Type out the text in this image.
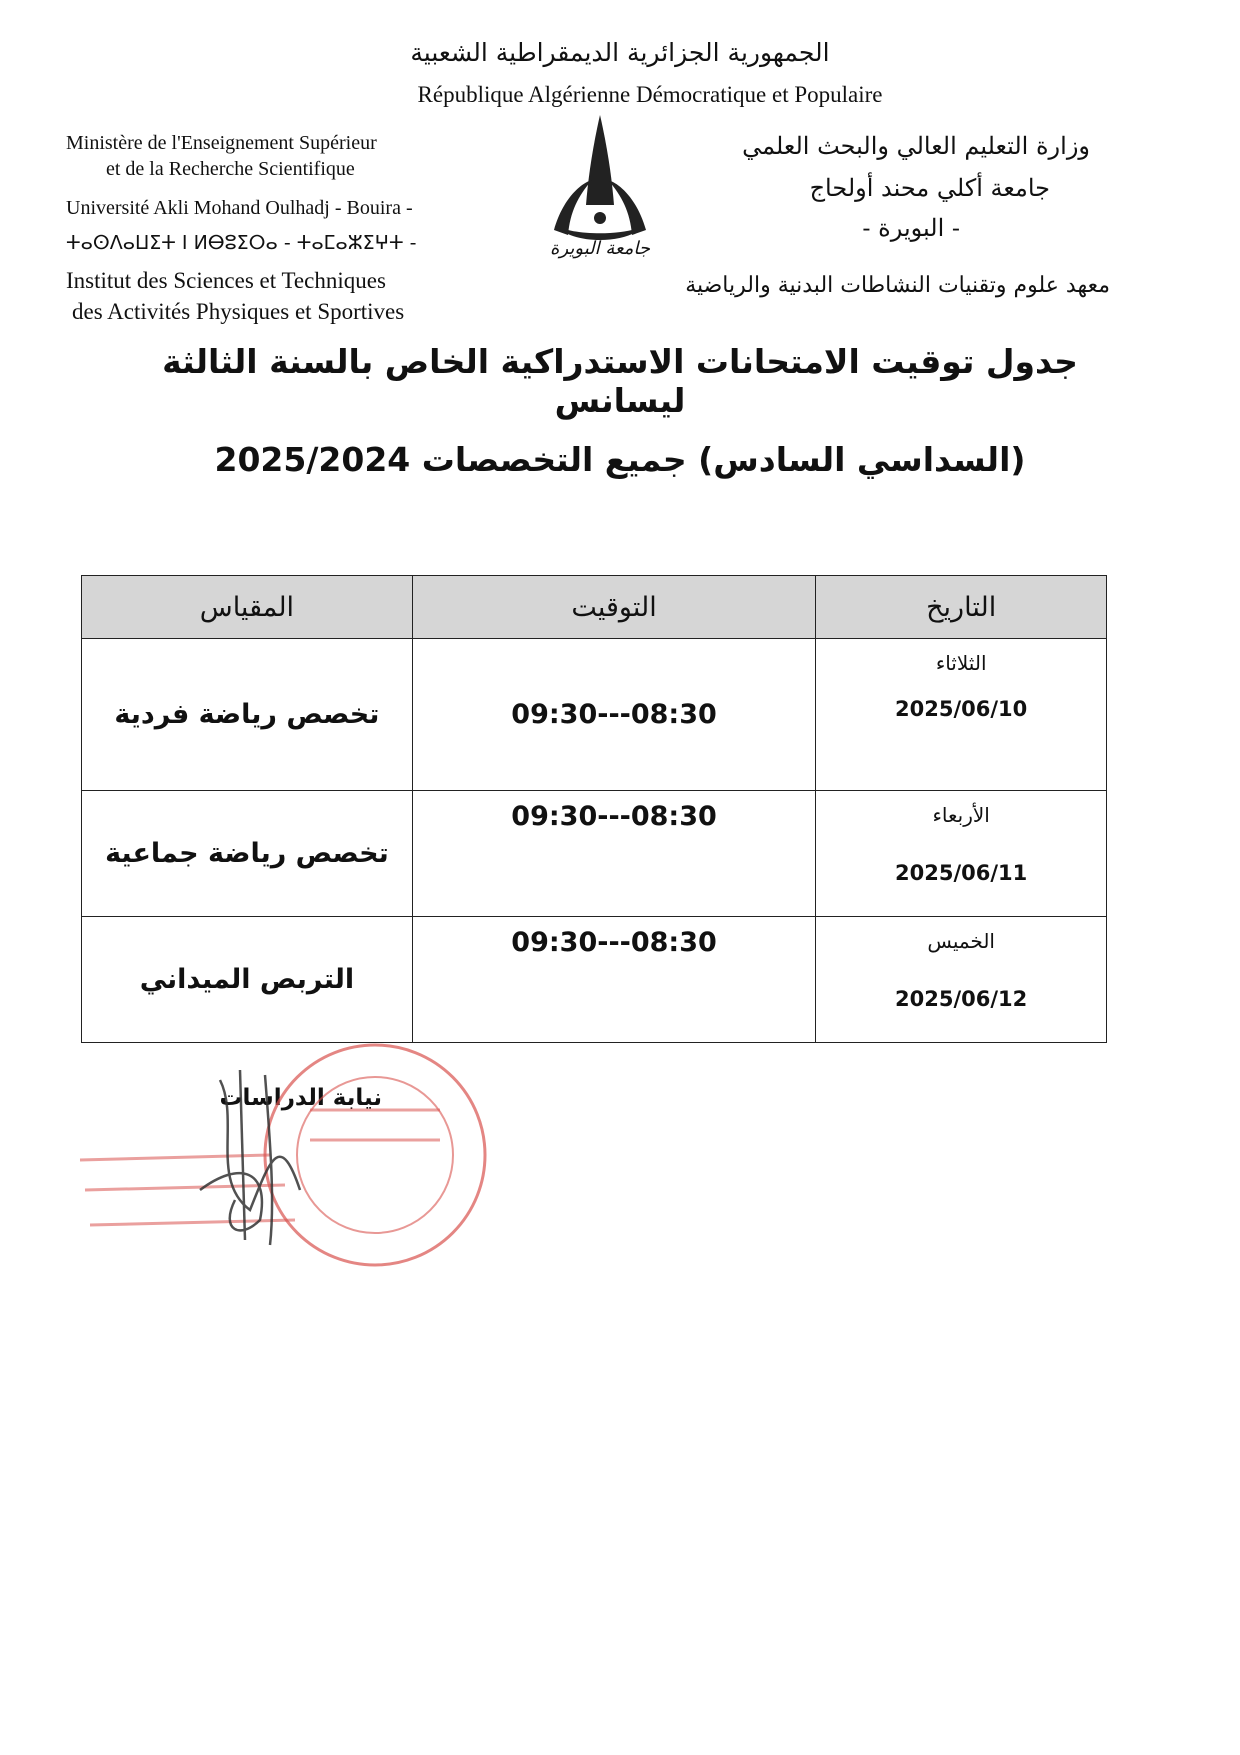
الجمهورية الجزائرية الديمقراطية الشعبية
République Algérienne Démocratique et Populaire
Ministère de l'Enseignement Supérieur
et de la Recherche Scientifique
Université Akli Mohand Oulhadj - Bouira -
ⵜⴰⵙⴷⴰⵡⵉⵜ ⵏ ⵍⴱⵓⵉⵔⴰ - ⵜⴰⵎⴰⵣⵉⵖⵜ -
Institut des Sciences et Techniques
des Activités Physiques et Sportives
جامعة البويرة
وزارة التعليم العالي والبحث العلمي
جامعة أكلي محند أولحاج
- البويرة -
معهد علوم وتقنيات النشاطات البدنية والرياضية
جدول توقيت الامتحانات الاستدراكية الخاص بالسنة الثالثة ليسانس
(السداسي السادس) جميع التخصصات 2025/2024
التاريخ	التوقيت	المقياس

الثلاثاء
2025/06/10	09:30---08:30	تخصص رياضة فردية

الأربعاء
2025/06/11	09:30---08:30	تخصص رياضة جماعية

الخميس
2025/06/12	09:30---08:30	التربص الميداني
نيابة الدراسات
